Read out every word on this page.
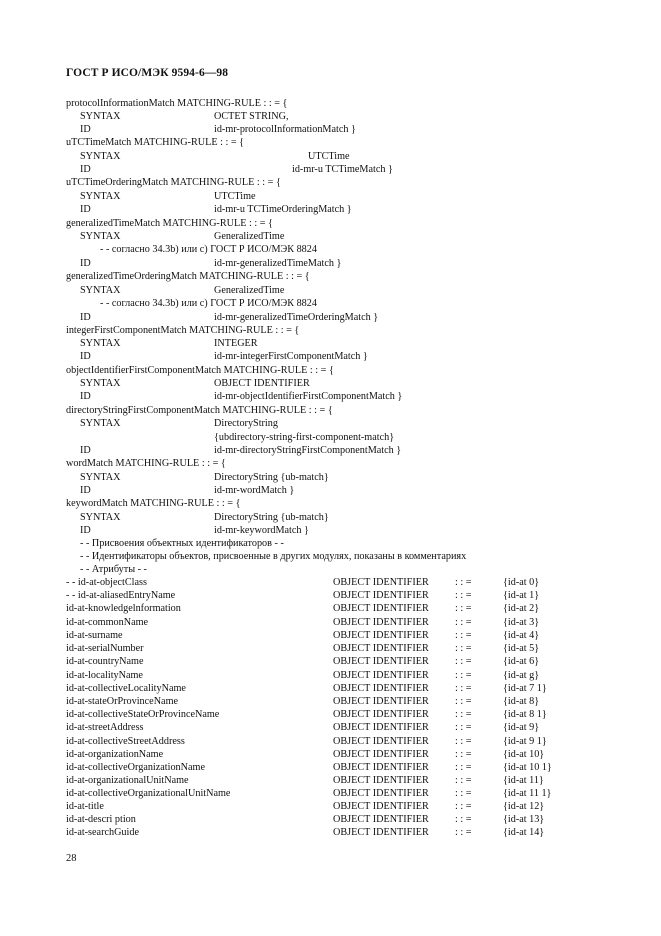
ГОСТ Р ИСО/МЭК 9594-6—98
protocolInformationMatch MATCHING-RULE : : = {
SYNTAX	OCTET STRING,
ID	id-mr-protocolInformationMatch }
uTCTimeMatch MATCHING-RULE : : = {
SYNTAX	UTCTime
ID	id-mr-u TCTimeMatch }
uTCTimeOrderingMatch MATCHING-RULE : : = {
SYNTAX	UTCTime
ID	id-mr-u TCTimeOrderingMatch }
generalizedTimeMatch MATCHING-RULE : : = {
SYNTAX	GeneralizedTime
- - согласно 34.3b) или c) ГОСТ Р ИСО/МЭК 8824
ID	id-mr-generalizedTimeMatch }
generalizedTimeOrderingMatch MATCHING-RULE : : = {
SYNTAX	GeneralizedTime
- - согласно 34.3b) или c) ГОСТ Р ИСО/МЭК 8824
ID	id-mr-generalizedTimeOrderingMatch }
integerFirstComponentMatch MATCHING-RULE : : = {
SYNTAX	INTEGER
ID	id-mr-integerFirstComponentMatch }
objectIdentifierFirstComponentMatch MATCHING-RULE : : = {
SYNTAX	OBJECT IDENTIFIER
ID	id-mr-objectIdentifierFirstComponentMatch }
directoryStringFirstComponentMatch MATCHING-RULE : : = {
SYNTAX	DirectoryString
{ubdirectory-string-first-component-match}
ID	id-mr-directoryStringFirstComponentMatch }
wordMatch MATCHING-RULE : : = {
SYNTAX	DirectoryString {ub-match}
ID	id-mr-wordMatch }
keywordMatch MATCHING-RULE : : = {
SYNTAX	DirectoryString {ub-match}
ID	id-mr-keywordMatch }
- - Присвоения объектных идентификаторов - -
- - Идентификаторы объектов, присвоенные в других модулях, показаны в комментариях
- - Атрибуты - -
- - id-at-objectClass	OBJECT IDENTIFIER	: : =	{id-at 0}
- - id-at-aliasedEntryName	OBJECT IDENTIFIER	: : =	{id-at 1}
id-at-knowledgelnformation	OBJECT IDENTIFIER	: : =	{id-at 2}
id-at-commonName	OBJECT IDENTIFIER	: : =	{id-at 3}
id-at-surname	OBJECT IDENTIFIER	: : =	{id-at 4}
id-at-serialNumber	OBJECT IDENTIFIER	: : =	{id-at 5}
id-at-countryName	OBJECT IDENTIFIER	: : =	{id-at 6}
id-at-localityName	OBJECT IDENTIFIER	: : =	{id-at g}
id-at-collectiveLocalityName	OBJECT IDENTIFIER	: : =	{id-at 7 1}
id-at-stateOrProvinceName	OBJECT IDENTIFIER	: : =	{id-at 8}
id-at-collectiveStateOrProvinceName	OBJECT IDENTIFIER	: : =	{id-at 8 1}
id-at-streetAddress	OBJECT IDENTIFIER	: : =	{id-at 9}
id-at-collectiveStreetAddress	OBJECT IDENTIFIER	: : =	{id-at 9 1}
id-at-organizationName	OBJECT IDENTIFIER	: : =	{id-at 10}
id-at-collectiveOrganizationName	OBJECT IDENTIFIER	: : =	{id-at 10 1}
id-at-organizationalUnitName	OBJECT IDENTIFIER	: : =	{id-at 11}
id-at-collectiveOrganizationalUnitName	OBJECT IDENTIFIER	: : =	{id-at 11 1}
id-at-title	OBJECT IDENTIFIER	: : =	{id-at 12}
id-at-descri ption	OBJECT IDENTIFIER	: : =	{id-at 13}
id-at-searchGuide	OBJECT IDENTIFIER	: : =	{id-at 14}
28
